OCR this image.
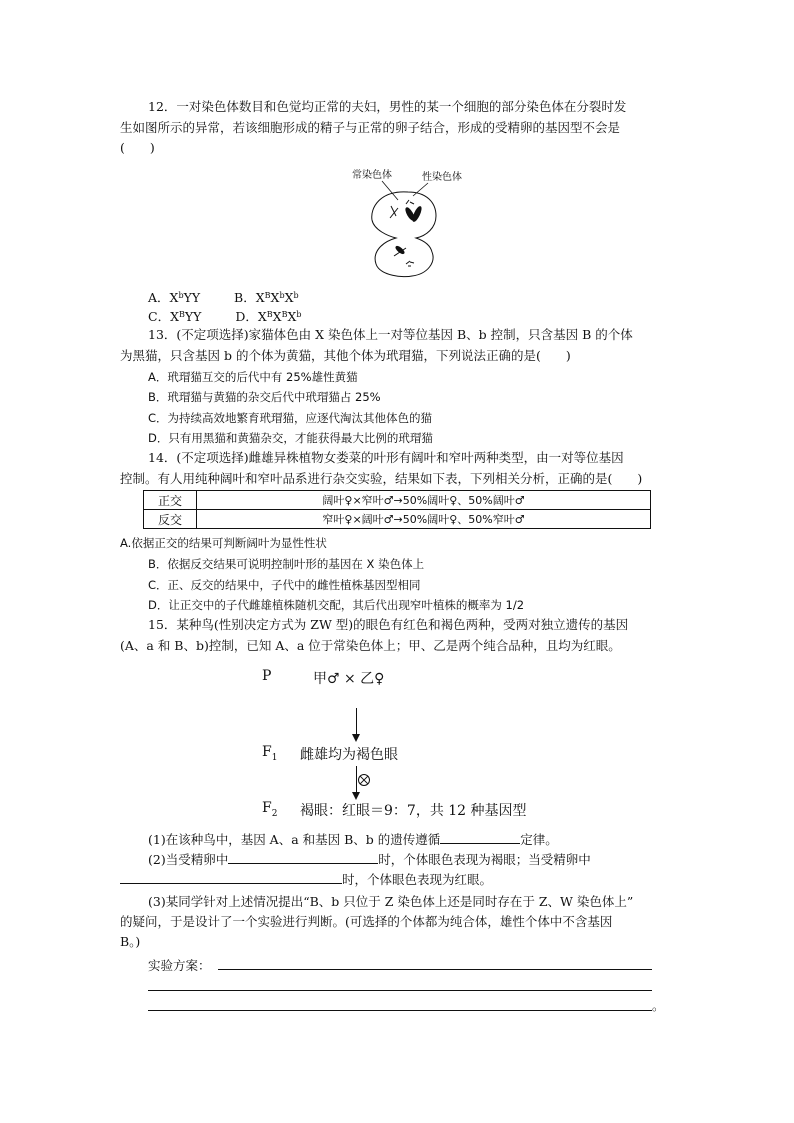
12．一对染色体数目和色觉均正常的夫妇，男性的某一个细胞的部分染色体在分裂时发
生如图所示的异常，若该细胞形成的精子与正常的卵子结合，形成的受精卵的基因型不会是
(　　)
常染色体	性染色体
A．$X^bYY$	B．$X^BX^bX^b$
C．$X^BYY$	D．$X^BX^BX^b$
13．(不定项选择)家猫体色由 X 染色体上一对等位基因 B、b 控制，只含基因 B 的个体
为黑猫，只含基因 b 的个体为黄猫，其他个体为玳瑁猫，下列说法正确的是(　　)
A．玳瑁猫互交的后代中有 25%雄性黄猫
B．玳瑁猫与黄猫的杂交后代中玳瑁猫占 25%
C．为持续高效地繁育玳瑁猫，应逐代淘汰其他体色的猫
D．只有用黑猫和黄猫杂交，才能获得最大比例的玳瑁猫
14．(不定项选择)雌雄异株植物女娄菜的叶形有阔叶和窄叶两种类型，由一对等位基因
控制。有人用纯种阔叶和窄叶品系进行杂交实验，结果如下表，下列相关分析，正确的是(　　)
正交	阔叶♀×窄叶♂→50%阔叶♀、50%阔叶♂
反交	窄叶♀×阔叶♂→50%阔叶♀、50%窄叶♂
A.依据正交的结果可判断阔叶为显性性状
B．依据反交结果可说明控制叶形的基因在 X 染色体上
C．正、反交的结果中，子代中的雌性植株基因型相同
D．让正交中的子代雌雄植株随机交配，其后代出现窄叶植株的概率为 1/2
15．某种鸟(性别决定方式为 ZW 型)的眼色有红色和褐色两种，受两对独立遗传的基因
(A、a 和 B、b)控制，已知 A、a 位于常染色体上；甲、乙是两个纯合品种，且均为红眼。
P	甲♂ × 乙♀
$F_1$ 雌雄均为褐色眼
$F_2$ 褐眼：红眼＝9：7，共 12 种基因型
(1)在该种鸟中，基因 A、a 和基因 B、b 的遗传遵循	定律。
(2)当受精卵中	时，个体眼色表现为褐眼；当受精卵中
时，个体眼色表现为红眼。
(3)某同学针对上述情况提出“B、b 只位于 Z 染色体上还是同时存在于 Z、W 染色体上”
的疑问，于是设计了一个实验进行判断。(可选择的个体都为纯合体，雄性个体中不含基因
B。)
实验方案：
。
